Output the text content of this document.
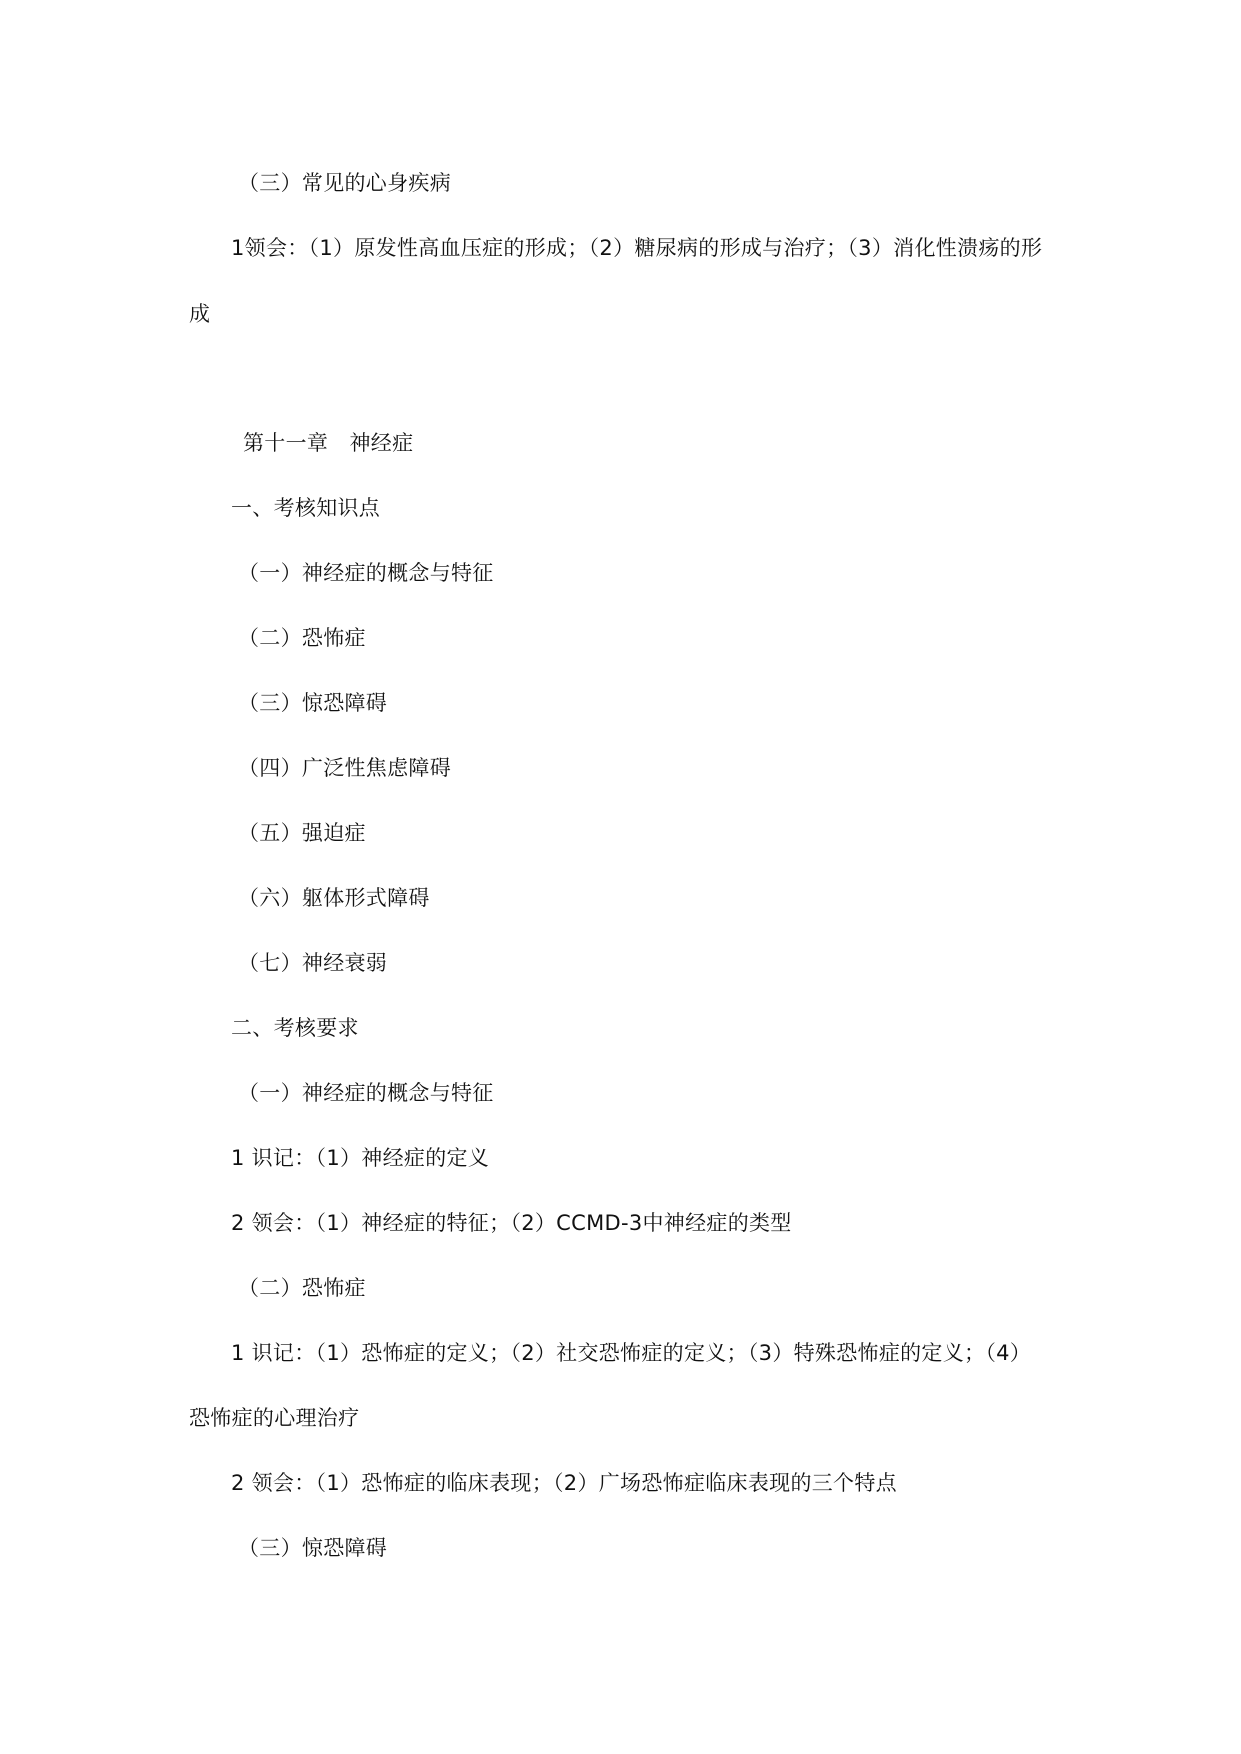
（三）常见的心身疾病
1领会：（1）原发性高血压症的形成；（2）糖尿病的形成与治疗；（3）消化性溃疡的形
成
第十一章　神经症
一、考核知识点
（一）神经症的概念与特征
（二）恐怖症
（三）惊恐障碍
（四）广泛性焦虑障碍
（五）强迫症
（六）躯体形式障碍
（七）神经衰弱
二、考核要求
（一）神经症的概念与特征
1 识记：（1）神经症的定义
2 领会：（1）神经症的特征；（2）CCMD-3中神经症的类型
（二）恐怖症
1 识记：（1）恐怖症的定义；（2）社交恐怖症的定义；（3）特殊恐怖症的定义；（4）
恐怖症的心理治疗
2 领会：（1）恐怖症的临床表现；（2）广场恐怖症临床表现的三个特点
（三）惊恐障碍
